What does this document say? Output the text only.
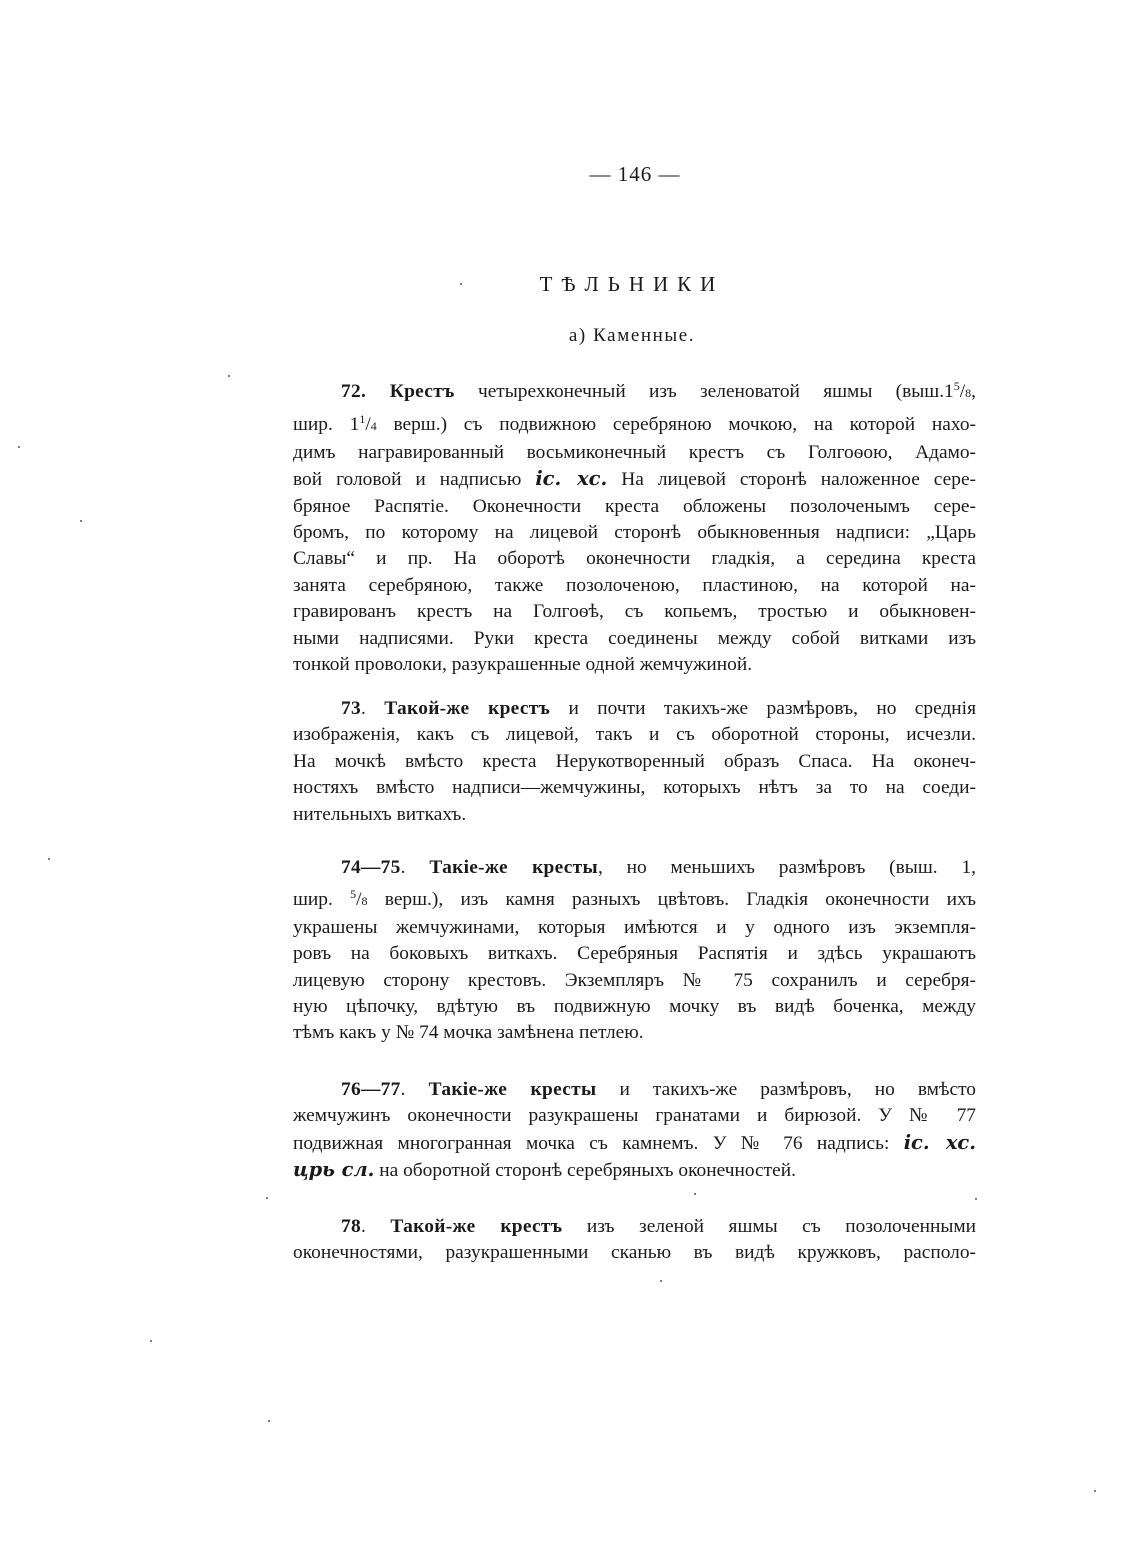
— 146 —
ТѢЛЬНИКИ
а) Каменные.
72. Крестъ четырехконечный изъ зеленоватой яшмы ($выш.1^5/8$,
шир. $1^1/4$ верш.) съ подвижною серебряною мочкою, на которой нахо-
димъ награвированный восьмиконечный крестъ съ Голгоѳою, Адамо-
вой головой и надписью іс. хс. На лицевой сторонѣ наложенное сере-
бряное Распятіе. Оконечности креста обложены позолоченымъ сере-
бромъ, по которому на лицевой сторонѣ обыкновенныя надписи: „Царь
Славы“ и пр. На оборотѣ оконечности гладкія, а середина креста
занята серебряною, также позолоченою, пластиною, на которой на-
гравированъ крестъ на Голгоѳѣ, съ копьемъ, тростью и обыкновен-
ными надписями. Руки креста соединены между собой витками изъ
тонкой проволоки, разукрашенные одной жемчужиной.
73. Такой-же крестъ и почти такихъ-же размѣровъ, но среднія
изображенія, какъ съ лицевой, такъ и съ оборотной стороны, исчезли.
На мочкѣ вмѣсто креста Нерукотворенный образъ Спаса. На оконеч-
ностяхъ вмѣсто надписи—жемчужины, которыхъ нѣтъ за то на соеди-
нительныхъ виткахъ.
74—75. Такіе-же кресты, но меньшихъ размѣровъ (выш. 1,
шир. $^5$/8 верш.), изъ камня разныхъ цвѣтовъ. Гладкія оконечности ихъ
украшены жемчужинами, которыя имѣются и у одного изъ экземпля-
ровъ на боковыхъ виткахъ. Серебряныя Распятія и здѣсь украшаютъ
лицевую сторону крестовъ. Экземпляръ № 75 сохранилъ и серебря-
ную цѣпочку, вдѣтую въ подвижную мочку въ видѣ боченка, между
тѣмъ какъ у № 74 мочка замѣнена петлею.
76—77. Такіе-же кресты и такихъ-же размѣровъ, но вмѣсто
жемчужинъ оконечности разукрашены гранатами и бирюзой. У № 77
подвижная многогранная мочка съ камнемъ. У № 76 надпись: іс. хс.
црь сл. на оборотной сторонѣ серебряныхъ оконечностей.
78. Такой-же крестъ изъ зеленой яшмы съ позолоченными
оконечностями, разукрашенными сканью въ видѣ кружковъ, располо-
